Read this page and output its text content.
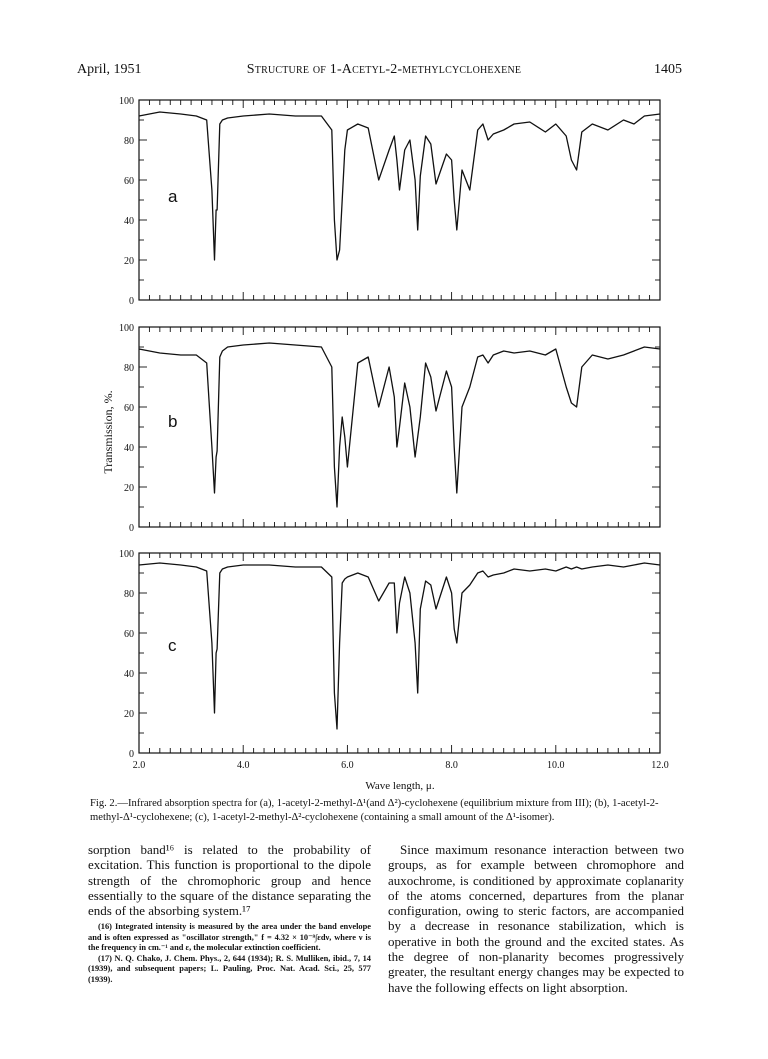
April, 1951	Structure of 1-Acetyl-2-methylcyclohexene	1405
Transmission, %.
Wave length, μ.
0
20
40
60
80
100
a
0
20
40
60
80
100
b
0
20
40
60
80
100
c
2.0	4.0	6.0	8.0	10.0	12.0
Fig. 2.—Infrared absorption spectra for (a), 1-acetyl-2-methyl-Δ¹(and Δ²)-cyclohexene (equilibrium mixture from III); (b), 1-acetyl-2-methyl-Δ¹-cyclohexene; (c), 1-acetyl-2-methyl-Δ²-cyclohexene (containing a small amount of the Δ¹-isomer).

sorption band¹⁶ is related to the probability of excitation. This function is proportional to the dipole strength of the chromophoric group and hence essentially to the square of the distance separating the ends of the absorbing system.¹⁷

(16) Integrated intensity is measured by the area under the band envelope and is often expressed as "oscillator strength," f = 4.32 × 10⁻⁹∫εdν, where ν is the frequency in cm.⁻¹ and ε, the molecular extinction coefficient.

(17) N. Q. Chako, J. Chem. Phys., 2, 644 (1934); R. S. Mulliken, ibid., 7, 14 (1939), and subsequent papers; L. Pauling, Proc. Nat. Acad. Sci., 25, 577 (1939).

Since maximum resonance interaction between two groups, as for example between chromophore and auxochrome, is conditioned by approximate coplanarity of the atoms concerned, departures from the planar configuration, owing to steric factors, are accompanied by a decrease in resonance stabilization, which is operative in both the ground and the excited states. As the degree of non-planarity becomes progressively greater, the resultant energy changes may be expected to have the following effects on light absorption.
